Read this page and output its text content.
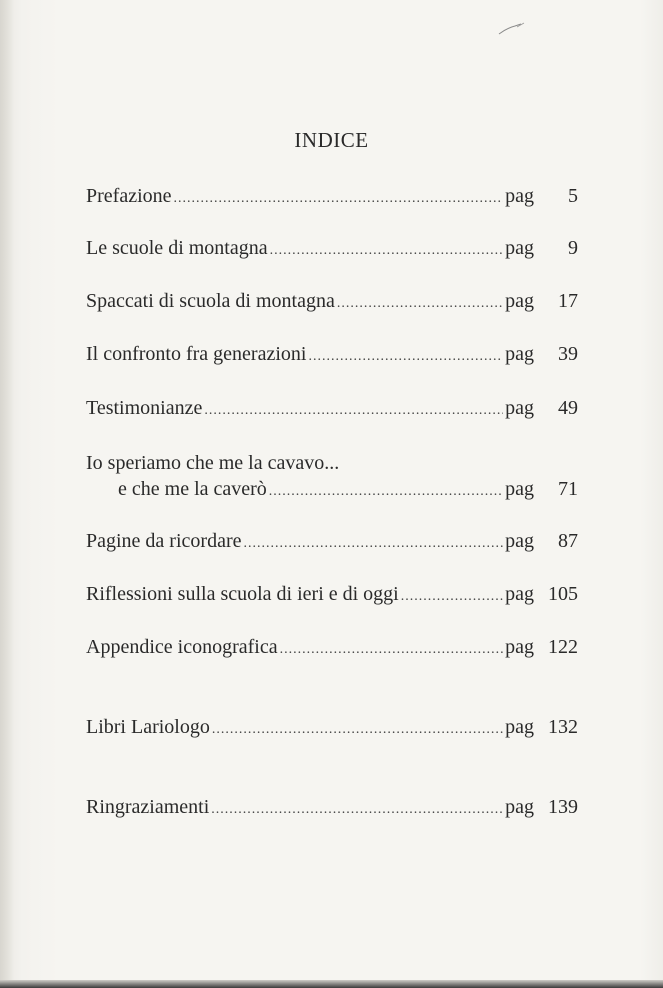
INDICE
Prefazione .....	pag	5
Le scuole di montagna .....	pag	9
Spaccati di scuola di montagna .....	pag	17
Il confronto fra generazioni .....	pag	39
Testimonianze .....	pag	49
Io speriamo che me la cavavo...
e che me la caverò .....	pag	71
Pagine da ricordare .....	pag	87
Riflessioni sulla scuola di ieri e di oggi .....	pag 105
Appendice iconografica .....	pag 122
Libri Lariologo .....	pag 132
Ringraziamenti .....	pag 139
